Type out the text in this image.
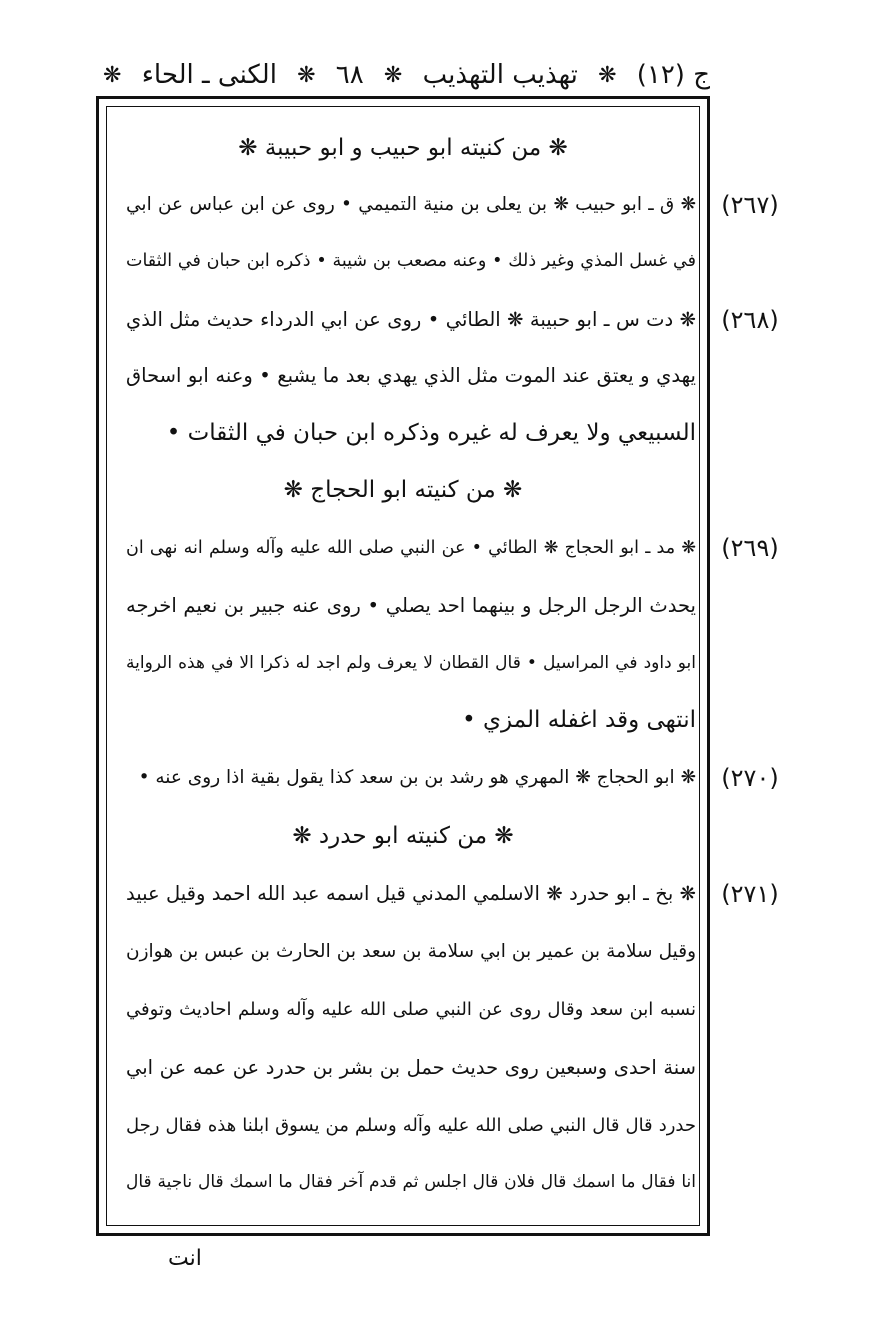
ج (١٢)
❋
تهذيب التهذيب
❋
٦٨
❋
الكنى ـ الحاء
❋
❋ من كنيته ابو حبيب و ابو حبيبة ❋
(٢٦٧)
❋ ق ـ ابو حبيب ❋ بن يعلى بن منية التميمي • روى عن ابن عباس عن ابي
في غسل المذي وغير ذلك • وعنه مصعب بن شيبة • ذكره ابن حبان في الثقات
(٢٦٨)
❋ دت س ـ ابو حبيبة ❋ الطائي • روى عن ابي الدرداء حديث مثل الذي
يهدي و يعتق عند الموت مثل الذي يهدي بعد ما يشبع • وعنه ابو اسحاق
السبيعي ولا يعرف له غيره وذكره ابن حبان في الثقات •
❋ من كنيته ابو الحجاج ❋
(٢٦٩)
❋ مد ـ ابو الحجاج ❋ الطائي • عن النبي صلى الله عليه وآله وسلم انه نهى ان
يحدث الرجل الرجل و بينهما احد يصلي • روى عنه جبير بن نعيم اخرجه
ابو داود في المراسيل • قال القطان لا يعرف ولم اجد له ذكرا الا في هذه الرواية
انتهى وقد اغفله المزي •
(٢٧٠)
❋ ابو الحجاج ❋ المهري هو رشد بن بن سعد كذا يقول بقية اذا روى عنه •
❋ من كنيته ابو حدرد ❋
(٢٧١)
❋ بخ ـ ابو حدرد ❋ الاسلمي المدني قيل اسمه عبد الله احمد وقيل عبيد
وقيل سلامة بن عمير بن ابي سلامة بن سعد بن الحارث بن عبس بن هوازن
نسبه ابن سعد وقال روى عن النبي صلى الله عليه وآله وسلم احاديث وتوفي
سنة احدى وسبعين روى حديث حمل بن بشر بن حدرد عن عمه عن ابي
حدرد قال قال النبي صلى الله عليه وآله وسلم من يسوق ابلنا هذه فقال رجل
انا فقال ما اسمك قال فلان قال اجلس ثم قدم آخر فقال ما اسمك قال ناجية قال
انت
